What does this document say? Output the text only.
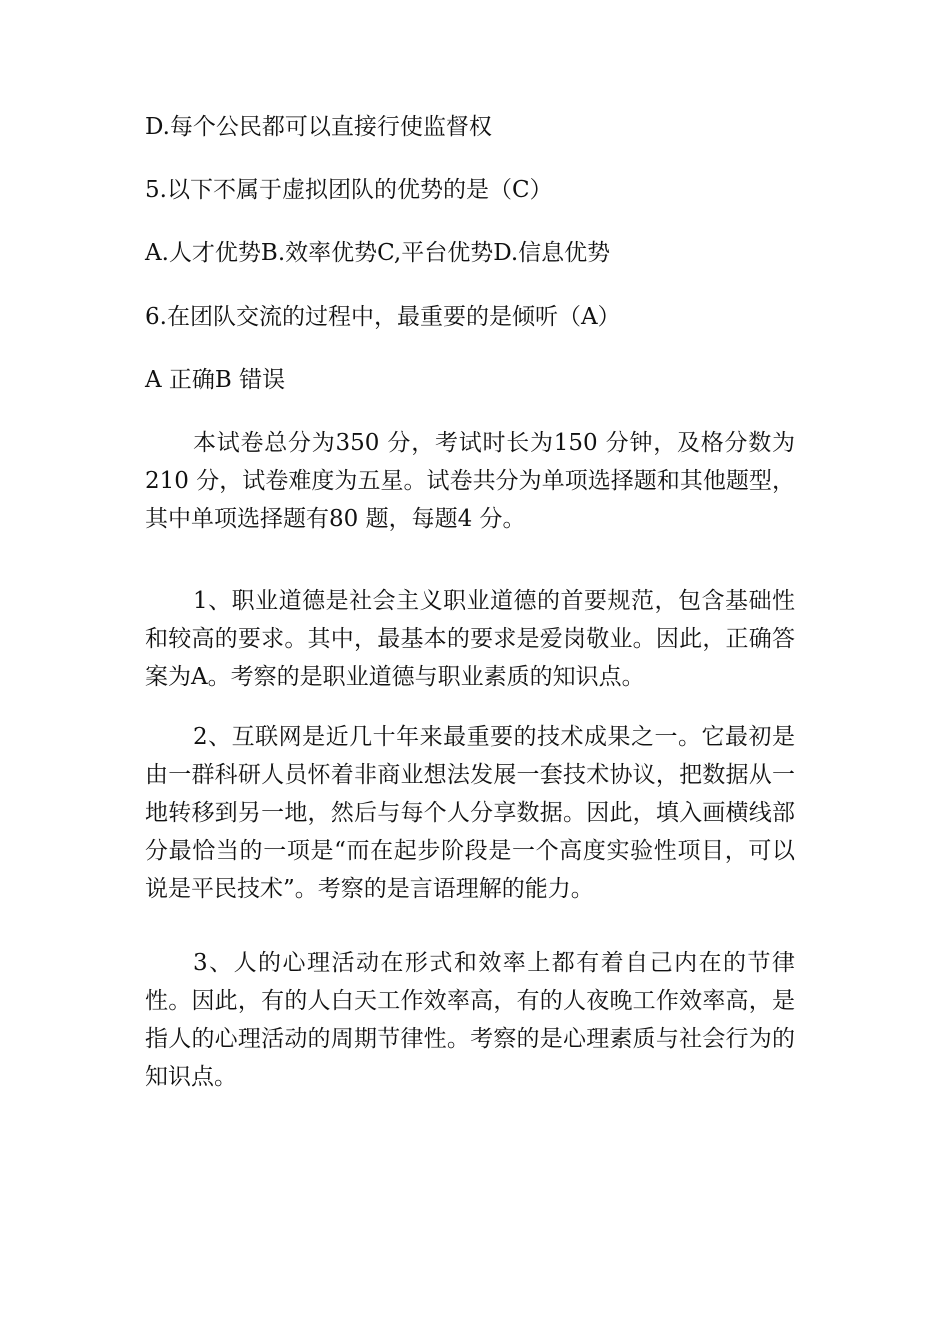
D.每个公民都可以直接行使监督权
5.以下不属于虚拟团队的优势的是（C）
A.人才优势B.效率优势C,平台优势D.信息优势
6.在团队交流的过程中，最重要的是倾听（A）
A 正确B 错误
本试卷总分为350 分，考试时长为150 分钟，及格分数为210 分，试卷难度为五星。试卷共分为单项选择题和其他题型，其中单项选择题有80 题，每题4 分。
1、职业道德是社会主义职业道德的首要规范，包含基础性和较高的要求。其中，最基本的要求是爱岗敬业。因此，正确答案为A。考察的是职业道德与职业素质的知识点。
2、互联网是近几十年来最重要的技术成果之一。它最初是由一群科研人员怀着非商业想法发展一套技术协议，把数据从一地转移到另一地，然后与每个人分享数据。因此，填入画横线部分最恰当的一项是“而在起步阶段是一个高度实验性项目，可以说是平民技术”。考察的是言语理解的能力。
3、人的心理活动在形式和效率上都有着自己内在的节律性。因此，有的人白天工作效率高，有的人夜晚工作效率高，是指人的心理活动的周期节律性。考察的是心理素质与社会行为的知识点。
